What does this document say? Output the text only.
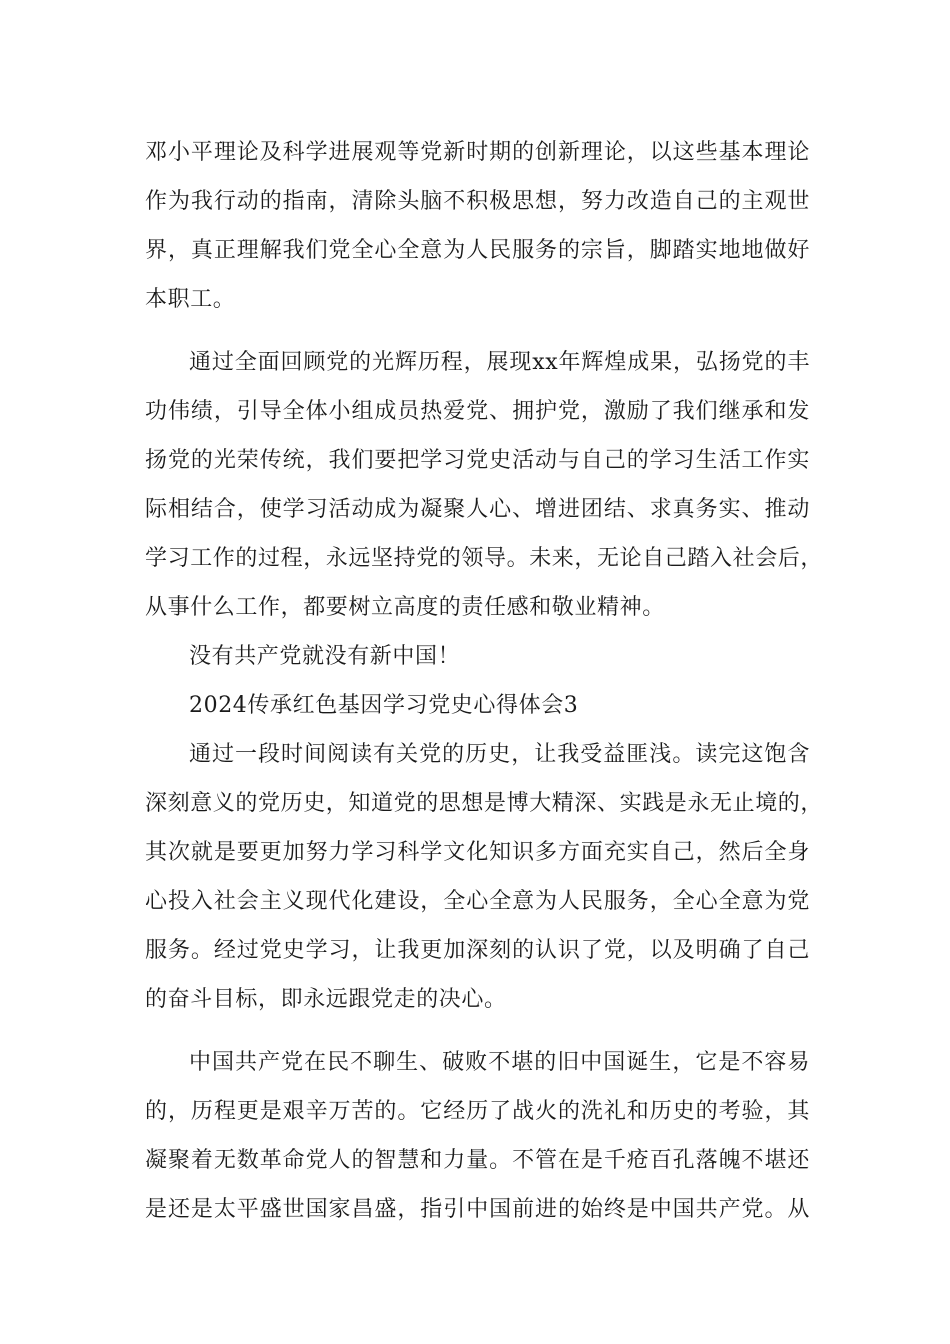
邓小平理论及科学进展观等党新时期的创新理论，以这些基本理论
作为我行动的指南，清除头脑不积极思想，努力改造自己的主观世
界，真正理解我们党全心全意为人民服务的宗旨，脚踏实地地做好
本职工。
通过全面回顾党的光辉历程，展现xx年辉煌成果，弘扬党的丰
功伟绩，引导全体小组成员热爱党、拥护党，激励了我们继承和发
扬党的光荣传统，我们要把学习党史活动与自己的学习生活工作实
际相结合，使学习活动成为凝聚人心、增进团结、求真务实、推动
学习工作的过程，永远坚持党的领导。未来，无论自己踏入社会后，
从事什么工作，都要树立高度的责任感和敬业精神。
没有共产党就没有新中国！
2024传承红色基因学习党史心得体会3
通过一段时间阅读有关党的历史，让我受益匪浅。读完这饱含
深刻意义的党历史，知道党的思想是博大精深、实践是永无止境的，
其次就是要更加努力学习科学文化知识多方面充实自己，然后全身
心投入社会主义现代化建设，全心全意为人民服务，全心全意为党
服务。经过党史学习，让我更加深刻的认识了党，以及明确了自己
的奋斗目标，即永远跟党走的决心。
中国共产党在民不聊生、破败不堪的旧中国诞生，它是不容易
的，历程更是艰辛万苦的。它经历了战火的洗礼和历史的考验，其
凝聚着无数革命党人的智慧和力量。不管在是千疮百孔落魄不堪还
是还是太平盛世国家昌盛，指引中国前进的始终是中国共产党。从
